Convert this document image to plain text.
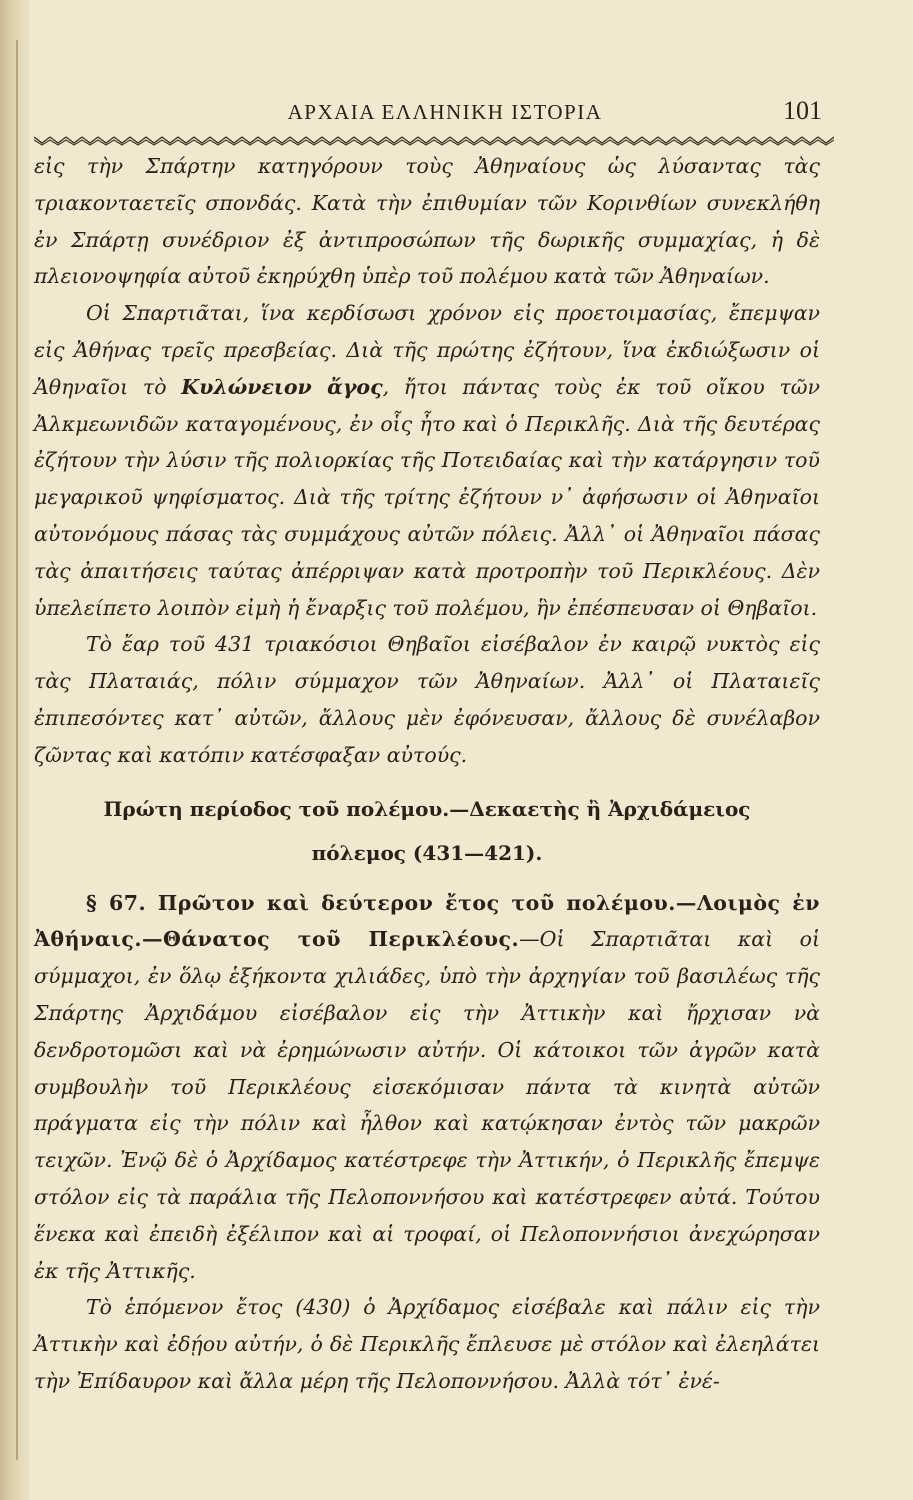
ΑΡΧΑΙΑ ΕΛΛΗΝΙΚΗ ΙΣΤΟΡΙΑ	101

εἰς τὴν Σπάρτην κατηγόρουν τοὺς Ἀθηναίους ὡς λύσαντας τὰς τριακονταετεῖς σπονδάς. Κατὰ τὴν ἐπιθυμίαν τῶν Κορινθίων συνεκλήθη ἐν Σπάρτῃ συνέδριον ἐξ ἀντιπροσώπων τῆς δωρικῆς συμμαχίας, ἡ δὲ πλειονοψηφία αὐτοῦ ἐκηρύχθη ὑπὲρ τοῦ πολέμου κατὰ τῶν Ἀθηναίων.

Οἱ Σπαρτιᾶται, ἵνα κερδίσωσι χρόνον εἰς προετοιμασίας, ἔπεμψαν εἰς Ἀθήνας τρεῖς πρεσβείας. Διὰ τῆς πρώτης ἐζήτουν, ἵνα ἐκδιώξωσιν οἱ Ἀθηναῖοι τὸ Κυλώνειον ἄγος, ἤτοι πάντας τοὺς ἐκ τοῦ οἴκου τῶν Ἀλκμεωνιδῶν καταγομένους, ἐν οἷς ἦτο καὶ ὁ Περικλῆς. Διὰ τῆς δευτέρας ἐζήτουν τὴν λύσιν τῆς πολιορκίας τῆς Ποτειδαίας καὶ τὴν κατάργησιν τοῦ μεγαρικοῦ ψηφίσματος. Διὰ τῆς τρίτης ἐζήτουν ν᾽ ἀφήσωσιν οἱ Ἀθηναῖοι αὐτονόμους πάσας τὰς συμμάχους αὐτῶν πόλεις. Ἀλλ᾽ οἱ Ἀθηναῖοι πάσας τὰς ἀπαιτήσεις ταύτας ἀπέρριψαν κατὰ προτροπὴν τοῦ Περικλέους. Δὲν ὑπελείπετο λοιπὸν εἰμὴ ἡ ἔναρξις τοῦ πολέμου, ἣν ἐπέσπευσαν οἱ Θηβαῖοι.

Τὸ ἔαρ τοῦ 431 τριακόσιοι Θηβαῖοι εἰσέβαλον ἐν καιρῷ νυκτὸς εἰς τὰς Πλαταιάς, πόλιν σύμμαχον τῶν Ἀθηναίων. Ἀλλ᾽ οἱ Πλαταιεῖς ἐπιπεσόντες κατ᾽ αὐτῶν, ἄλλους μὲν ἐφόνευσαν, ἄλλους δὲ συνέλαβον ζῶντας καὶ κατόπιν κατέσφαξαν αὐτούς.

Πρώτη περίοδος τοῦ πολέμου.—Δεκαετὴς ἢ Ἀρχιδάμειος
πόλεμος (431—421).

§ 67. Πρῶτον καὶ δεύτερον ἔτος τοῦ πολέμου.—Λοιμὸς ἐν Ἀθήναις.—Θάνατος τοῦ Περικλέους.—Οἱ Σπαρτιᾶται καὶ οἱ σύμμαχοι, ἐν ὅλῳ ἑξήκοντα χιλιάδες, ὑπὸ τὴν ἀρχηγίαν τοῦ βασιλέως τῆς Σπάρτης Ἀρχιδάμου εἰσέβαλον εἰς τὴν Ἀττικὴν καὶ ἤρχισαν νὰ δενδροτομῶσι καὶ νὰ ἐρημώνωσιν αὐτήν. Οἱ κάτοικοι τῶν ἀγρῶν κατὰ συμβουλὴν τοῦ Περικλέους εἰσεκόμισαν πάντα τὰ κινητὰ αὐτῶν πράγματα εἰς τὴν πόλιν καὶ ἦλθον καὶ κατῴκησαν ἐντὸς τῶν μακρῶν τειχῶν. Ἐνῷ δὲ ὁ Ἀρχίδαμος κατέστρεφε τὴν Ἀττικήν, ὁ Περικλῆς ἔπεμψε στόλον εἰς τὰ παράλια τῆς Πελοποννήσου καὶ κατέστρεφεν αὐτά. Τούτου ἕνεκα καὶ ἐπειδὴ ἐξέλιπον καὶ αἱ τροφαί, οἱ Πελοποννήσιοι ἀνεχώρησαν ἐκ τῆς Ἀττικῆς.

Τὸ ἑπόμενον ἔτος (430) ὁ Ἀρχίδαμος εἰσέβαλε καὶ πάλιν εἰς τὴν Ἀττικὴν καὶ ἐδῄου αὐτήν, ὁ δὲ Περικλῆς ἔπλευσε μὲ στόλον καὶ ἐλεηλάτει τὴν Ἐπίδαυρον καὶ ἄλλα μέρη τῆς Πελοποννήσου. Ἀλλὰ τότ᾽ ἐνέ-
